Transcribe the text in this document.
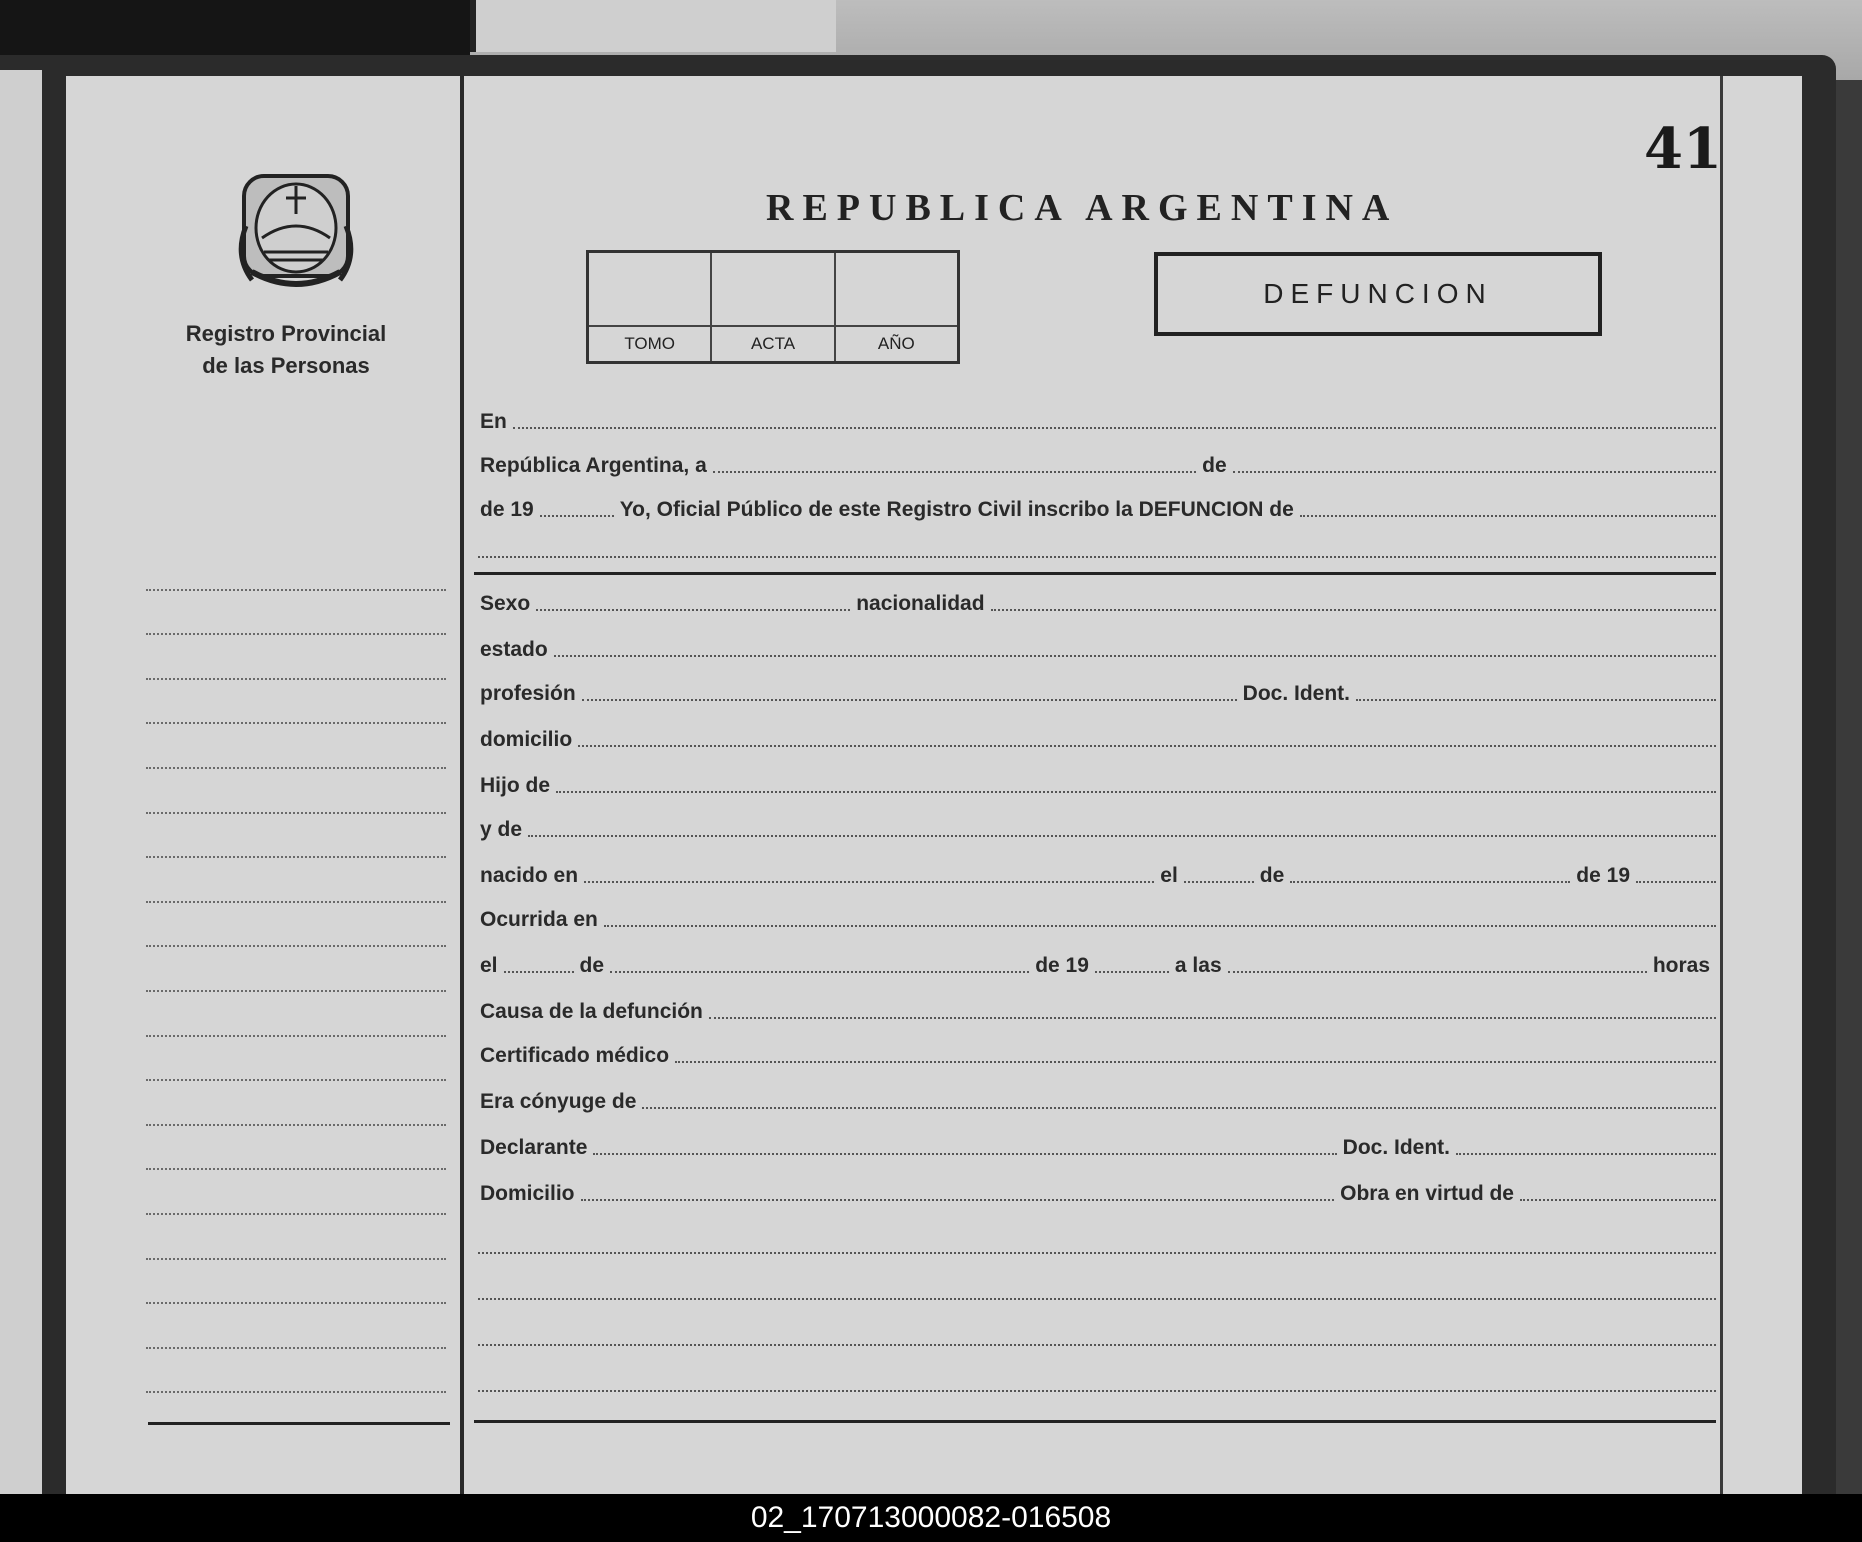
Registro Provincial
de las Personas
41
REPUBLICA ARGENTINA
TOMO	ACTA	AÑO
DEFUNCION
En
República Argentina, a	de
de 19	Yo, Oficial Público de este Registro Civil inscribo la DEFUNCION de
Sexo	nacionalidad
estado
profesión	Doc. Ident.
domicilio
Hijo de
y de
nacido en	el	de	de 19
Ocurrida en
el	de	de 19	a las	horas
Causa de la defunción
Certificado médico
Era cónyuge de
Declarante	Doc. Ident.
Domicilio	Obra en virtud de
02_170713000082-016508
